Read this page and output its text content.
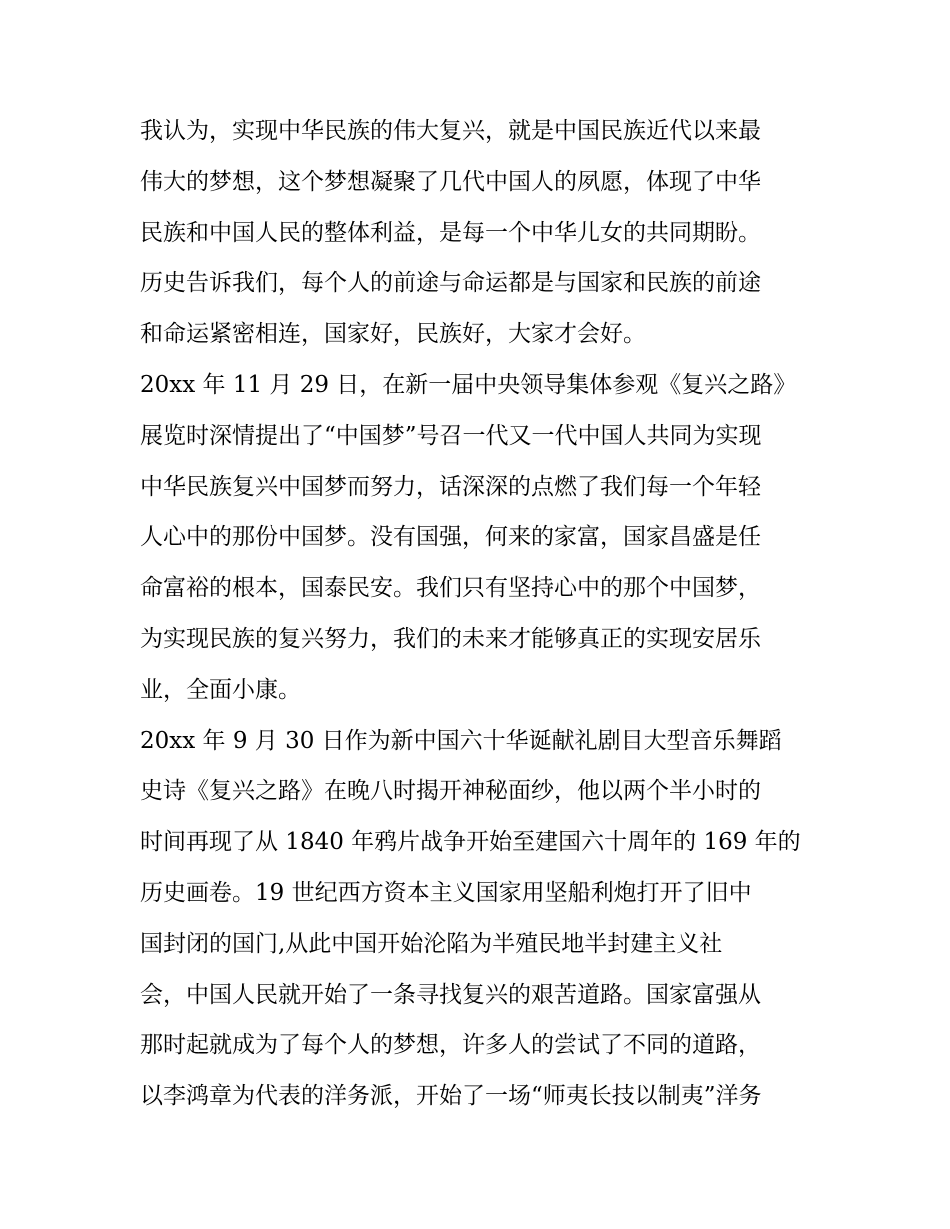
我认为，实现中华民族的伟大复兴，就是中国民族近代以来最
伟大的梦想，这个梦想凝聚了几代中国人的夙愿，体现了中华
民族和中国人民的整体利益，是每一个中华儿女的共同期盼。
历史告诉我们，每个人的前途与命运都是与国家和民族的前途
和命运紧密相连，国家好，民族好，大家才会好。
20xx 年 11 月 29 日，在新一届中央领导集体参观《复兴之路》
展览时深情提出了“中国梦”号召一代又一代中国人共同为实现
中华民族复兴中国梦而努力，话深深的点燃了我们每一个年轻
人心中的那份中国梦。没有国强，何来的家富，国家昌盛是任
命富裕的根本，国泰民安。我们只有坚持心中的那个中国梦，
为实现民族的复兴努力，我们的未来才能够真正的实现安居乐
业，全面小康。
20xx 年 9 月 30 日作为新中国六十华诞献礼剧目大型音乐舞蹈
史诗《复兴之路》在晚八时揭开神秘面纱，他以两个半小时的
时间再现了从 1840 年鸦片战争开始至建国六十周年的 169 年的
历史画卷。19 世纪西方资本主义国家用坚船利炮打开了旧中
国封闭的国门,从此中国开始沦陷为半殖民地半封建主义社
会，中国人民就开始了一条寻找复兴的艰苦道路。国家富强从
那时起就成为了每个人的梦想，许多人的尝试了不同的道路，
以李鸿章为代表的洋务派，开始了一场“师夷长技以制夷”洋务
